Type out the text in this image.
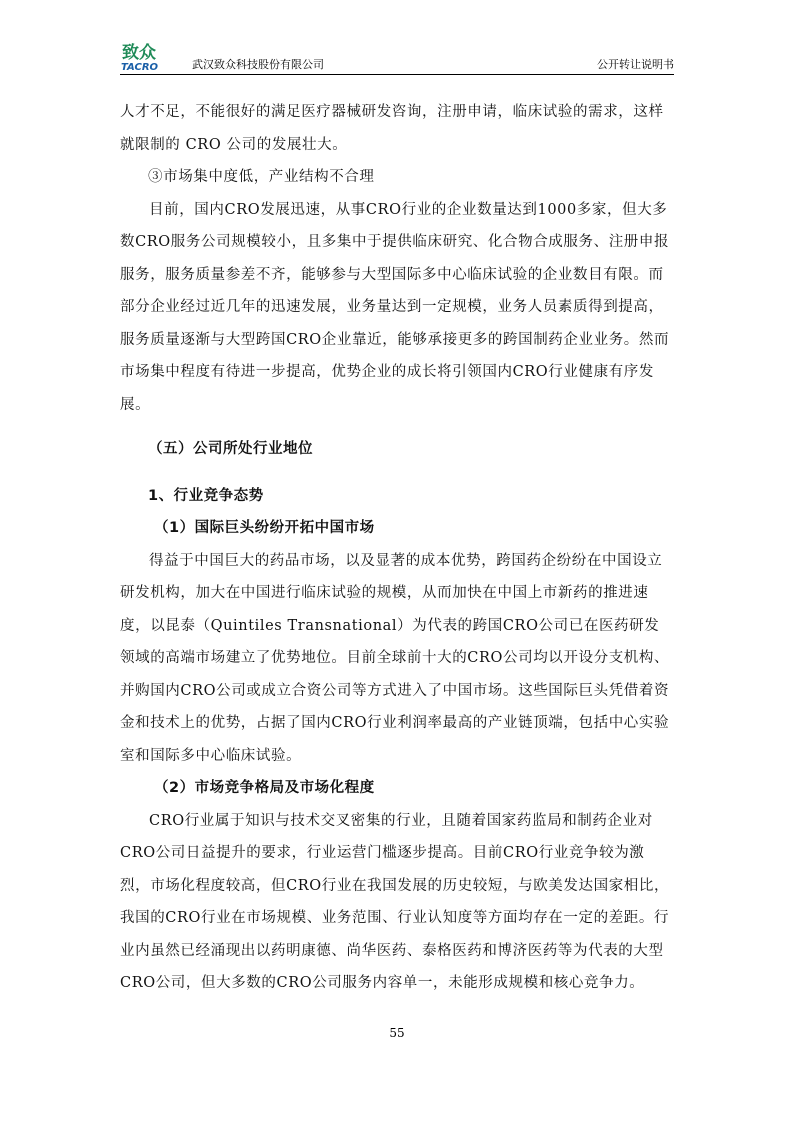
致众
TACRO	武汉致众科技股份有限公司	公开转让说明书

人才不足，不能很好的满足医疗器械研发咨询，注册申请，临床试验的需求，这样就限制的 CRO 公司的发展壮大。

③市场集中度低，产业结构不合理

目前，国内CRO发展迅速，从事CRO行业的企业数量达到1000多家，但大多数CRO服务公司规模较小，且多集中于提供临床研究、化合物合成服务、注册申报服务，服务质量参差不齐，能够参与大型国际多中心临床试验的企业数目有限。而部分企业经过近几年的迅速发展，业务量达到一定规模，业务人员素质得到提高，服务质量逐渐与大型跨国CRO企业靠近，能够承接更多的跨国制药企业业务。然而市场集中程度有待进一步提高，优势企业的成长将引领国内CRO行业健康有序发展。

（五）公司所处行业地位

1、行业竞争态势

（1）国际巨头纷纷开拓中国市场

得益于中国巨大的药品市场，以及显著的成本优势，跨国药企纷纷在中国设立研发机构，加大在中国进行临床试验的规模，从而加快在中国上市新药的推进速度，以昆泰（Quintiles Transnational）为代表的跨国CRO公司已在医药研发领域的高端市场建立了优势地位。目前全球前十大的CRO公司均以开设分支机构、并购国内CRO公司或成立合资公司等方式进入了中国市场。这些国际巨头凭借着资金和技术上的优势，占据了国内CRO行业利润率最高的产业链顶端，包括中心实验室和国际多中心临床试验。

（2）市场竞争格局及市场化程度

CRO行业属于知识与技术交叉密集的行业，且随着国家药监局和制药企业对CRO公司日益提升的要求，行业运营门槛逐步提高。目前CRO行业竞争较为激烈，市场化程度较高，但CRO行业在我国发展的历史较短，与欧美发达国家相比，我国的CRO行业在市场规模、业务范围、行业认知度等方面均存在一定的差距。行业内虽然已经涌现出以药明康德、尚华医药、泰格医药和博济医药等为代表的大型CRO公司，但大多数的CRO公司服务内容单一，未能形成规模和核心竞争力。

55
